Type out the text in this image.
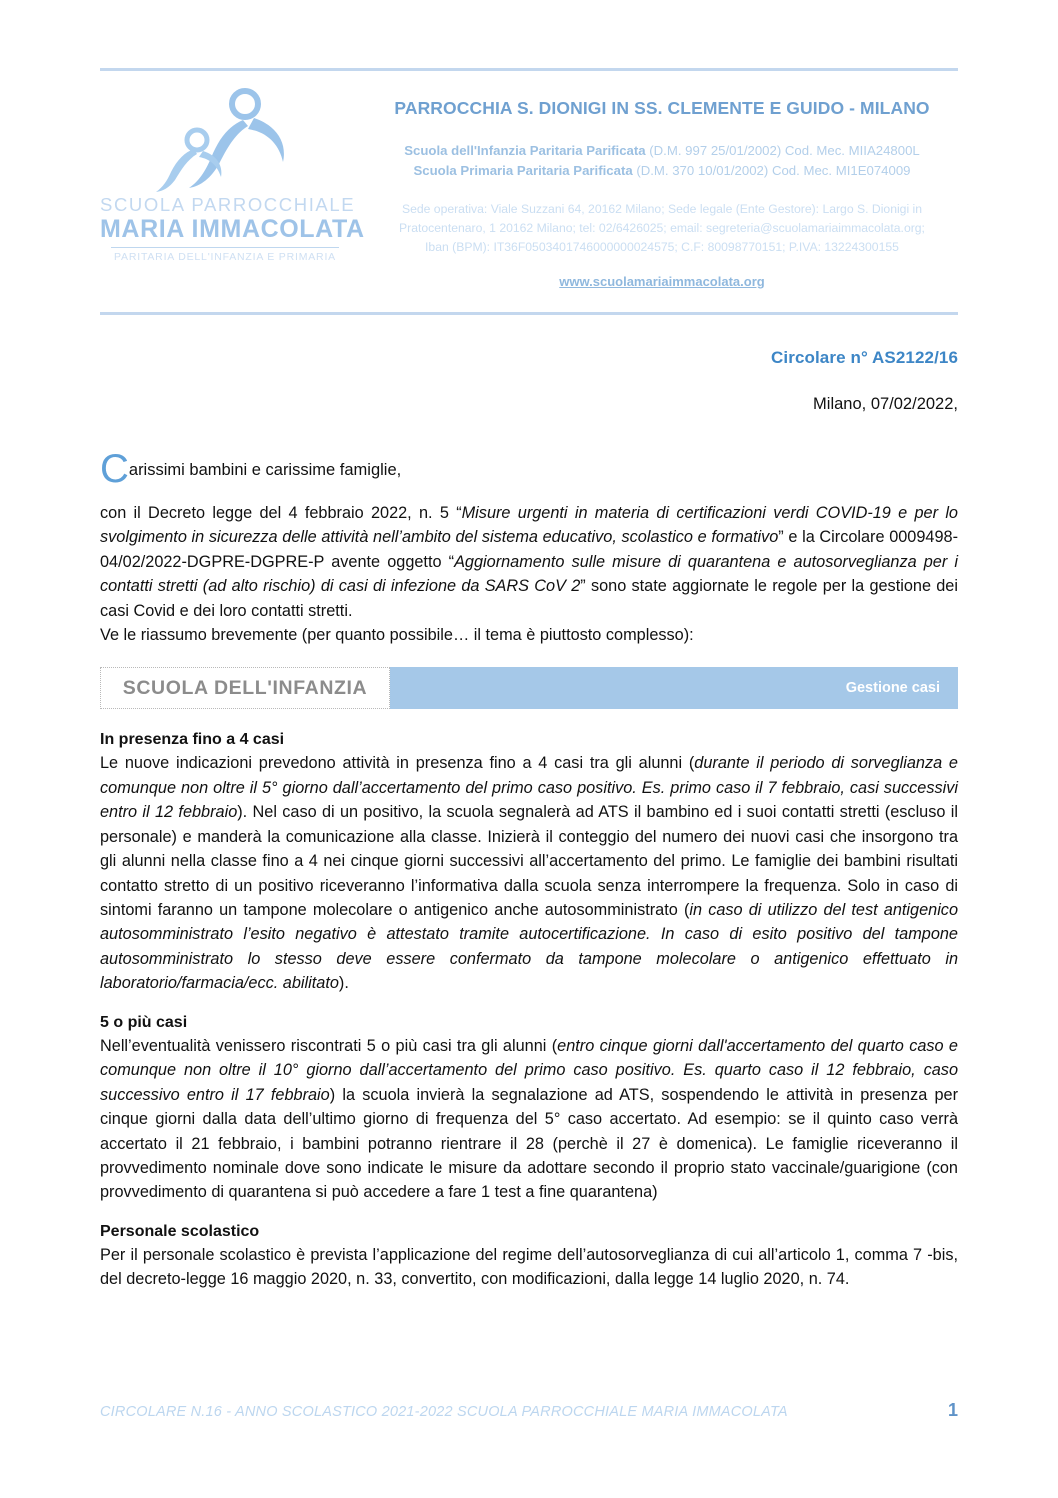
SCUOLA PARROCCHIALE
MARIA IMMACOLATA
PARITARIA DELL'INFANZIA E PRIMARIA
PARROCCHIA S. DIONIGI IN SS. CLEMENTE E GUIDO - MILANO
Scuola dell'Infanzia Paritaria Parificata (D.M. 997 25/01/2002) Cod. Mec. MIIA24800L
Scuola Primaria Paritaria Parificata (D.M. 370 10/01/2002) Cod. Mec. MI1E074009
Sede operativa: Viale Suzzani 64, 20162 Milano; Sede legale (Ente Gestore): Largo S. Dionigi in
Pratocentenaro, 1 20162 Milano; tel: 02/6426025; email: segreteria@scuolamariaimmacolata.org;
Iban (BPM): IT36F0503401746000000024575; C.F: 80098770151; P.IVA: 13224300155
www.scuolamariaimmacolata.org
Circolare n° AS2122/16
Milano, 07/02/2022,
Carissimi bambini e carissime famiglie,

con il Decreto legge del 4 febbraio 2022, n. 5 “Misure urgenti in materia di certificazioni verdi COVID-19 e per lo svolgimento in sicurezza delle attività nell’ambito del sistema educativo, scolastico e formativo” e la Circolare 0009498-04/02/2022-DGPRE-DGPRE-P avente oggetto “Aggiornamento sulle misure di quarantena e autosorveglianza per i contatti stretti (ad alto rischio) di casi di infezione da SARS CoV 2” sono state aggiornate le regole per la gestione dei casi Covid e dei loro contatti stretti.

Ve le riassumo brevemente (per quanto possibile… il tema è piuttosto complesso):

SCUOLA DELL'INFANZIA	Gestione casi
In presenza fino a 4 casi

Le nuove indicazioni prevedono attività in presenza fino a 4 casi tra gli alunni (durante il periodo di sorveglianza e comunque non oltre il 5° giorno dall’accertamento del primo caso positivo. Es. primo caso il 7 febbraio, casi successivi entro il 12 febbraio). Nel caso di un positivo, la scuola segnalerà ad ATS il bambino ed i suoi contatti stretti (escluso il personale) e manderà la comunicazione alla classe. Inizierà il conteggio del numero dei nuovi casi che insorgono tra gli alunni nella classe fino a 4 nei cinque giorni successivi all’accertamento del primo. Le famiglie dei bambini risultati contatto stretto di un positivo riceveranno l’informativa dalla scuola senza interrompere la frequenza. Solo in caso di sintomi faranno un tampone molecolare o antigenico anche autosomministrato (in caso di utilizzo del test antigenico autosomministrato l’esito negativo è attestato tramite autocertificazione. In caso di esito positivo del tampone autosomministrato lo stesso deve essere confermato da tampone molecolare o antigenico effettuato in laboratorio/farmacia/ecc. abilitato).

5 o più casi

Nell’eventualità venissero riscontrati 5 o più casi tra gli alunni (entro cinque giorni dall'accertamento del quarto caso e comunque non oltre il 10° giorno dall’accertamento del primo caso positivo. Es. quarto caso il 12 febbraio, caso successivo entro il 17 febbraio) la scuola invierà la segnalazione ad ATS, sospendendo le attività in presenza per cinque giorni dalla data dell’ultimo giorno di frequenza del 5° caso accertato. Ad esempio: se il quinto caso verrà accertato il 21 febbraio, i bambini potranno rientrare il 28 (perchè il 27 è domenica). Le famiglie riceveranno il provvedimento nominale dove sono indicate le misure da adottare secondo il proprio stato vaccinale/guarigione (con provvedimento di quarantena si può accedere a fare 1 test a fine quarantena)

Personale scolastico

Per il personale scolastico è prevista l’applicazione del regime dell’autosorveglianza di cui all’articolo 1, comma 7 -bis, del decreto-legge 16 maggio 2020, n. 33, convertito, con modificazioni, dalla legge 14 luglio 2020, n. 74.

CIRCOLARE N.16 - ANNO SCOLASTICO 2021-2022 SCUOLA PARROCCHIALE MARIA IMMACOLATA	1
